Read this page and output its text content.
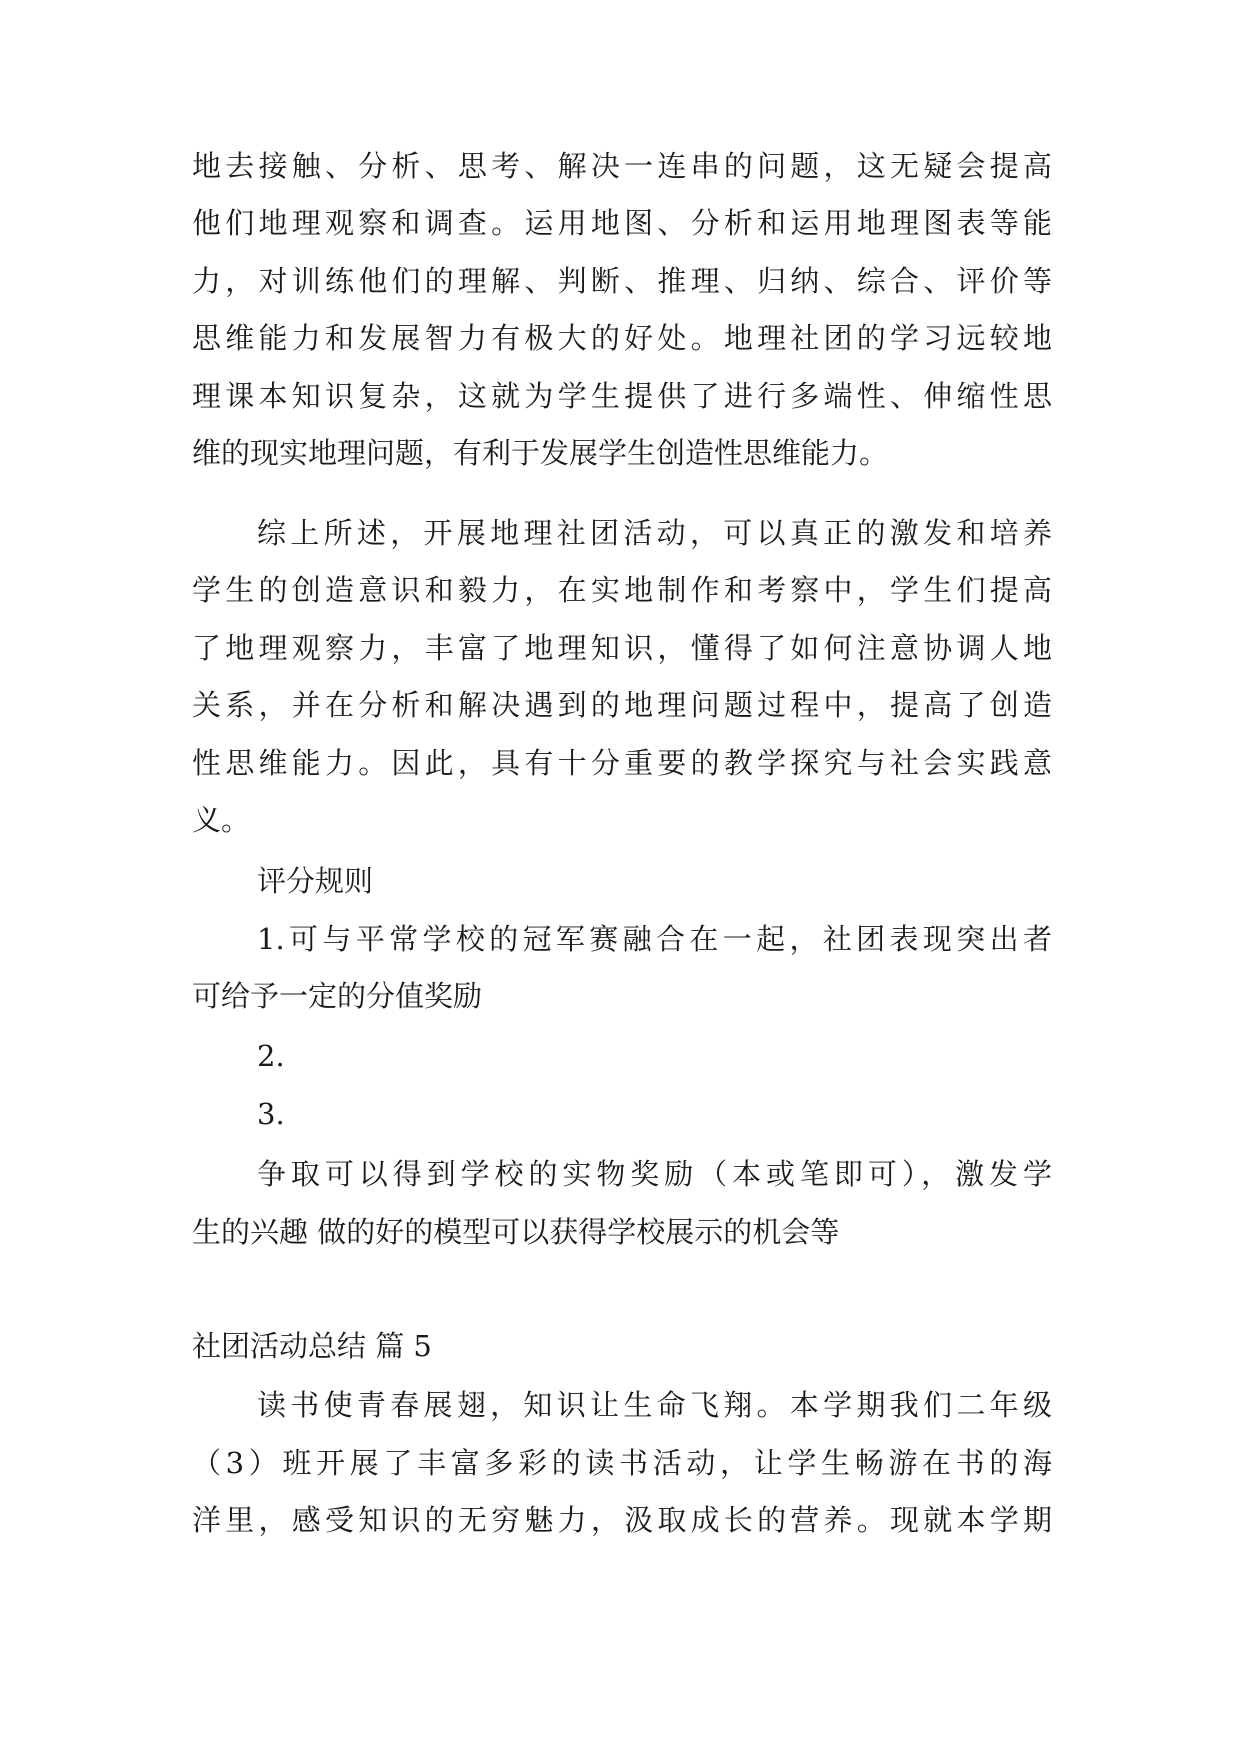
地去接触、分析、思考、解决一连串的问题，这无疑会提高
他们地理观察和调查。运用地图、分析和运用地理图表等能
力，对训练他们的理解、判断、推理、归纳、综合、评价等
思维能力和发展智力有极大的好处。地理社团的学习远较地
理课本知识复杂，这就为学生提供了进行多端性、伸缩性思
维的现实地理问题，有利于发展学生创造性思维能力。
综上所述，开展地理社团活动，可以真正的激发和培养
学生的创造意识和毅力，在实地制作和考察中，学生们提高
了地理观察力，丰富了地理知识，懂得了如何注意协调人地
关系，并在分析和解决遇到的地理问题过程中，提高了创造
性思维能力。因此，具有十分重要的教学探究与社会实践意
义。
评分规则
1.可与平常学校的冠军赛融合在一起，社团表现突出者
可给予一定的分值奖励
2.
3.
争取可以得到学校的实物奖励（本或笔即可），激发学
生的兴趣 做的好的模型可以获得学校展示的机会等
社团活动总结 篇 5
读书使青春展翅，知识让生命飞翔。本学期我们二年级
（3）班开展了丰富多彩的读书活动，让学生畅游在书的海
洋里，感受知识的无穷魅力，汲取成长的营养。现就本学期
